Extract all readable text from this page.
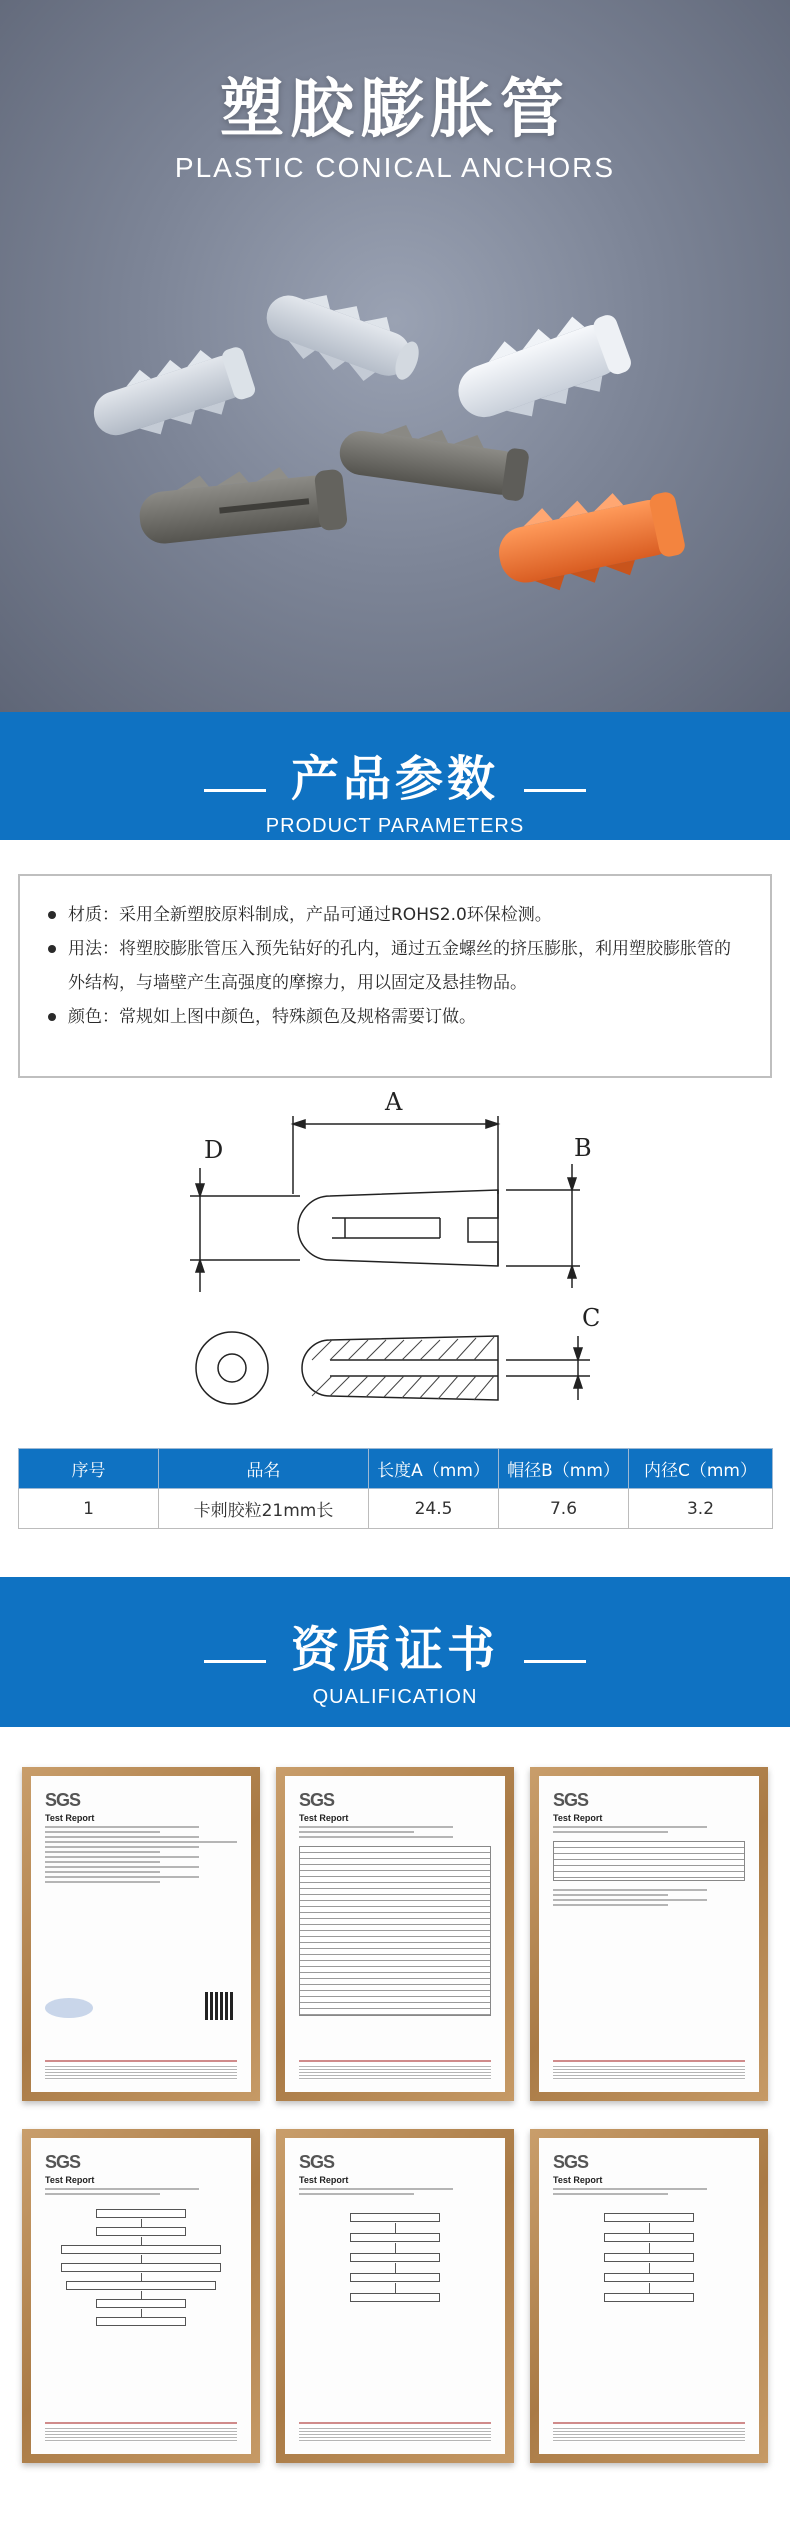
塑胶膨胀管
PLASTIC CONICAL ANCHORS
产品参数
PRODUCT PARAMETERS
材质：采用全新塑胶原料制成，产品可通过ROHS2.0环保检测。
用法：将塑胶膨胀管压入预先钻好的孔内，通过五金螺丝的挤压膨胀，利用塑胶膨胀管的外结构，与墙壁产生高强度的摩擦力，用以固定及悬挂物品。
颜色：常规如上图中颜色，特殊颜色及规格需要订做。
A
B
C
D
序号	品名	长度A（mm）	帽径B（mm）	内径C（mm）
1	卡刺胶粒21mm长	24.5	7.6	3.2
资质证书
QUALIFICATION
SGS
Test Report
SGS
Test Report
SGS
Test Report
SGS
Test Report
SGS
Test Report
SGS
Test Report
